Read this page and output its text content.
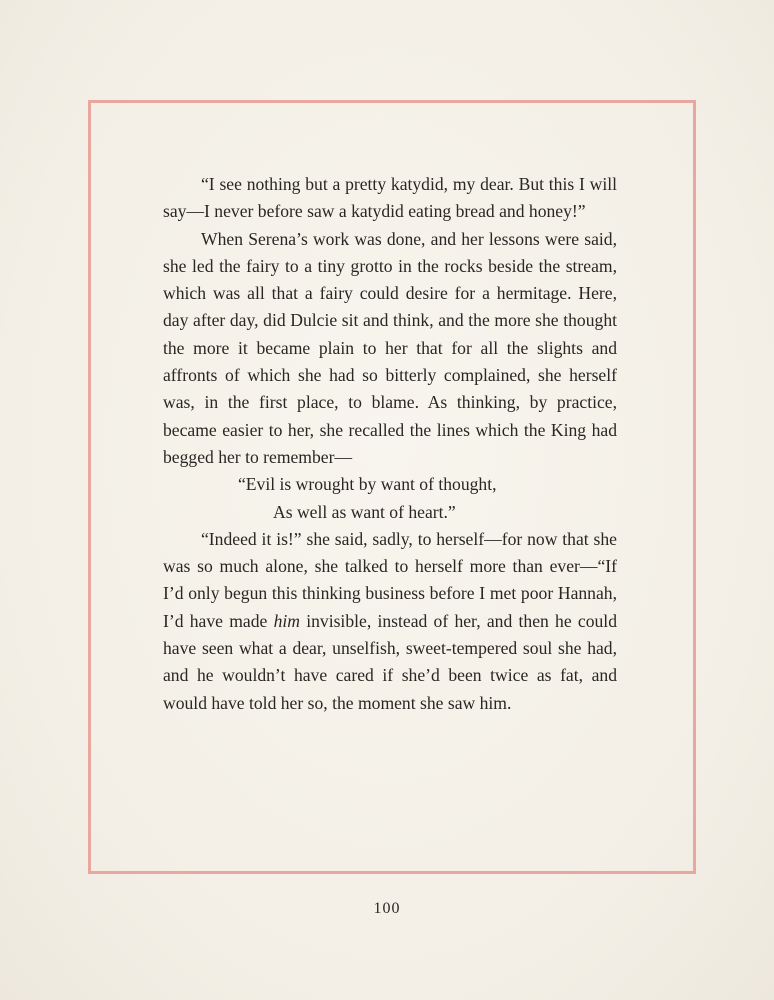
“I see nothing but a pretty katydid, my dear. But this I will say—I never before saw a katydid eating bread and honey!”

When Serena’s work was done, and her lessons were said, she led the fairy to a tiny grotto in the rocks beside the stream, which was all that a fairy could desire for a hermitage. Here, day after day, did Dulcie sit and think, and the more she thought the more it became plain to her that for all the slights and affronts of which she had so bitterly complained, she herself was, in the first place, to blame. As thinking, by practice, became easier to her, she recalled the lines which the King had begged her to remember—

“Evil is wrought by want of thought,
As well as want of heart.”

“Indeed it is!” she said, sadly, to herself—for now that she was so much alone, she talked to herself more than ever—“If I’d only begun this thinking business before I met poor Hannah, I’d have made him invisible, instead of her, and then he could have seen what a dear, unselfish, sweet-tempered soul she had, and he wouldn’t have cared if she’d been twice as fat, and would have told her so, the moment she saw him.

100
